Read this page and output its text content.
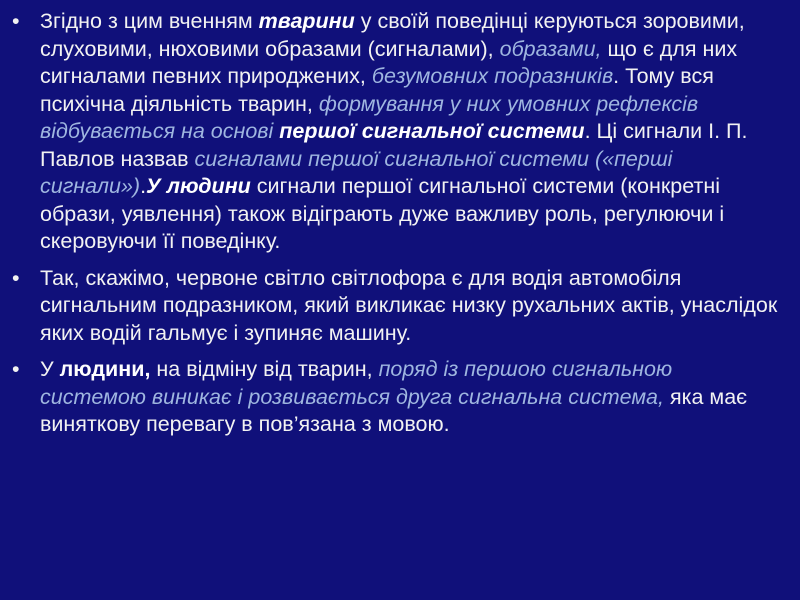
• Згідно з цим вченням тварини у своїй поведінці керуються зоровими, слуховими, нюховими образами (сигналами), образами, що є для них сигналами певних природжених, безумовних подразників. Тому вся психічна діяльність тварин, формування у них умовних рефлексів відбувається на основі першої сигнальної системи. Ці сигнали І. П. Павлов назвав сигналами першої сигнальної системи («перші сигнали»).У людини сигнали першої сигнальної системи (конкретні образи, уявлення) також відіграють дуже важливу роль, регулюючи і скеровуючи її поведінку.
• Так, скажімо, червоне світло світлофора є для водія автомобіля сигнальним подразником, який викликає низку рухальних актів, унаслідок яких водій гальмує і зупиняє машину.
• У людини, на відміну від тварин, поряд із першою сигнальною системою виникає і розвивається друга сигнальна система, яка має виняткову перевагу в пов’язана з мовою.
